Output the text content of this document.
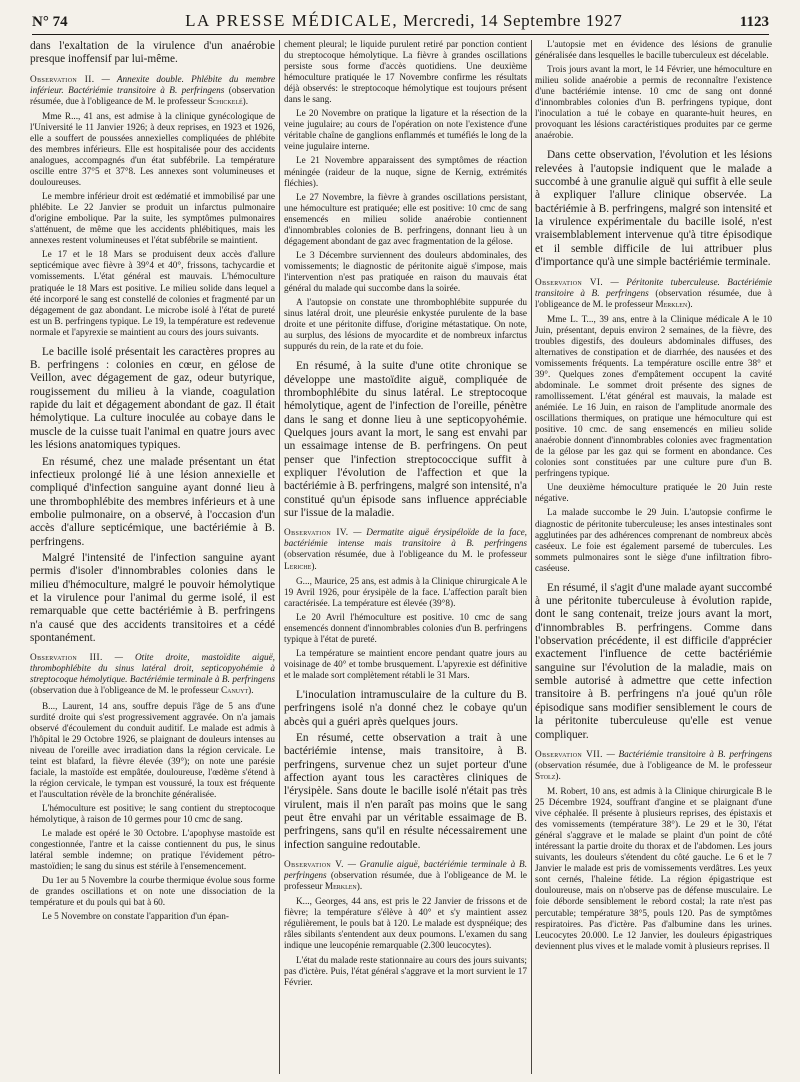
N° 74	LA PRESSE MÉDICALE, Mercredi, 14 Septembre 1927	1123

dans l'exaltation de la virulence d'un anaérobie presque inoffensif par lui-même.

Observation II. — Annexite double. Phlébite du membre inférieur. Bactériémie transitoire à B. perfringens (observation résumée, due à l'obligeance de M. le professeur Schickelé).

Mme R..., 41 ans, est admise à la clinique gynécologique de l'Université le 11 Janvier 1926; à deux reprises, en 1923 et 1926, elle a souffert de poussées annexielles compliquées de phlébite des membres inférieurs. Elle est hospitalisée pour des accidents analogues, accompagnés d'un état subfébrile. La température oscille entre 37°5 et 37°8. Les annexes sont volumineuses et douloureuses.

Le membre inférieur droit est œdématié et immobilisé par une phlébite. Le 22 Janvier se produit un infarctus pulmonaire d'origine embolique. Par la suite, les symptômes pulmonaires s'atténuent, de même que les accidents phlébitiques, mais les annexes restent volumineuses et l'état subfébrile se maintient.

Le 17 et le 18 Mars se produisent deux accès d'allure septicémique avec fièvre à 39°4 et 40°, frissons, tachycardie et vomissements. L'état général est mauvais. L'hémoculture pratiquée le 18 Mars est positive. Le milieu solide dans lequel a été incorporé le sang est constellé de colonies et fragmenté par un dégagement de gaz abondant. Le microbe isolé à l'état de pureté est un B. perfringens typique. Le 19, la température est redevenue normale et l'apyrexie se maintient au cours des jours suivants.

Le bacille isolé présentait les caractères propres au B. perfringens : colonies en cœur, en gélose de Veillon, avec dégagement de gaz, odeur butyrique, rougissement du milieu à la viande, coagulation rapide du lait et dégagement abondant de gaz. Il était hémolytique. La culture inoculée au cobaye dans le muscle de la cuisse tuait l'animal en quatre jours avec les lésions anatomiques typiques.

En résumé, chez une malade présentant un état infectieux prolongé lié à une lésion annexielle et compliqué d'infection sanguine ayant donné lieu à une thrombophlébite des membres inférieurs et à une embolie pulmonaire, on a observé, à l'occasion d'un accès d'allure septicémique, une bactériémie à B. perfringens.

Malgré l'intensité de l'infection sanguine ayant permis d'isoler d'innombrables colonies dans le milieu d'hémoculture, malgré le pouvoir hémolytique et la virulence pour l'animal du germe isolé, il est remarquable que cette bactériémie à B. perfringens n'a causé que des accidents transitoires et a cédé spontanément.

Observation III. — Otite droite, mastoïdite aiguë, thrombophlébite du sinus latéral droit, septicopyohémie à streptocoque hémolytique. Bactériémie terminale à B. perfringens (observation due à l'obligeance de M. le professeur Canuyt).

B..., Laurent, 14 ans, souffre depuis l'âge de 5 ans d'une surdité droite qui s'est progressivement aggravée. On n'a jamais observé d'écoulement du conduit auditif. Le malade est admis à l'hôpital le 29 Octobre 1926, se plaignant de douleurs intenses au niveau de l'oreille avec irradiation dans la région cervicale. Le teint est blafard, la fièvre élevée (39°); on note une parésie faciale, la mastoïde est empâtée, douloureuse, l'œdème s'étend à la région cervicale, le tympan est voussuré, la toux est fréquente et l'auscultation révèle de la bronchite généralisée.

L'hémoculture est positive; le sang contient du streptocoque hémolytique, à raison de 10 germes pour 10 cmc de sang.

Le malade est opéré le 30 Octobre. L'apophyse mastoïde est congestionnée, l'antre et la caisse contiennent du pus, le sinus latéral semble indemne; on pratique l'évidement pétro-mastoïdien; le sang du sinus est stérile à l'ensemencement.

Du 1er au 5 Novembre la courbe thermique évolue sous forme de grandes oscillations et on note une dissociation de la température et du pouls qui bat à 60.

Le 5 Novembre on constate l'apparition d'un épan-

chement pleural; le liquide purulent retiré par ponction contient du streptocoque hémolytique. La fièvre à grandes oscillations persiste sous forme d'accès quotidiens. Une deuxième hémoculture pratiquée le 17 Novembre confirme les résultats déjà observés: le streptocoque hémolytique est toujours présent dans le sang.

Le 20 Novembre on pratique la ligature et la résection de la veine jugulaire; au cours de l'opération on note l'existence d'une véritable chaîne de ganglions enflammés et tuméfiés le long de la veine jugulaire interne.

Le 21 Novembre apparaissent des symptômes de réaction méningée (raideur de la nuque, signe de Kernig, extrémités fléchies).

Le 27 Novembre, la fièvre à grandes oscillations persistant, une hémoculture est pratiquée; elle est positive: 10 cmc de sang ensemencés en milieu solide anaérobie contiennent d'innombrables colonies de B. perfringens, donnant lieu à un dégagement abondant de gaz avec fragmentation de la gélose.

Le 3 Décembre surviennent des douleurs abdominales, des vomissements; le diagnostic de péritonite aiguë s'impose, mais l'intervention n'est pas pratiquée en raison du mauvais état général du malade qui succombe dans la soirée.

A l'autopsie on constate une thrombophlébite suppurée du sinus latéral droit, une pleurésie enkystée purulente de la base droite et une péritonite diffuse, d'origine métastatique. On note, au surplus, des lésions de myocardite et de nombreux infarctus suppurés du rein, de la rate et du foie.

En résumé, à la suite d'une otite chronique se développe une mastoïdite aiguë, compliquée de thrombophlébite du sinus latéral. Le streptocoque hémolytique, agent de l'infection de l'oreille, pénètre dans le sang et donne lieu à une septicopyohémie. Quelques jours avant la mort, le sang est envahi par un essaimage intense de B. perfringens. On peut penser que l'infection streptococcique suffit à expliquer l'évolution de l'affection et que la bactériémie à B. perfringens, malgré son intensité, n'a constitué qu'un épisode sans influence appréciable sur l'issue de la maladie.

Observation IV. — Dermatite aiguë érysipéloïde de la face, bactériémie intense mais transitoire à B. perfringens (observation résumée, due à l'obligeance du M. le professeur Leriche).

G..., Maurice, 25 ans, est admis à la Clinique chirurgicale A le 19 Avril 1926, pour érysipèle de la face. L'affection paraît bien caractérisée. La température est élevée (39°8).

Le 20 Avril l'hémoculture est positive. 10 cmc de sang ensemencés donnent d'innombrables colonies d'un B. perfringens typique à l'état de pureté.

La température se maintient encore pendant quatre jours au voisinage de 40° et tombe brusquement. L'apyrexie est définitive et le malade sort complètement rétabli le 31 Mars.

L'inoculation intramusculaire de la culture du B. perfringens isolé n'a donné chez le cobaye qu'un abcès qui a guéri après quelques jours.

En résumé, cette observation a trait à une bactériémie intense, mais transitoire, à B. perfringens, survenue chez un sujet porteur d'une affection ayant tous les caractères cliniques de l'érysipèle. Sans doute le bacille isolé n'était pas très virulent, mais il n'en paraît pas moins que le sang peut être envahi par un véritable essaimage de B. perfringens, sans qu'il en résulte nécessairement une infection sanguine redoutable.

Observation V. — Granulie aiguë, bactériémie terminale à B. perfringens (observation résumée, due à l'obligeance de M. le professeur Merklen).

K..., Georges, 44 ans, est pris le 22 Janvier de frissons et de fièvre; la température s'élève à 40° et s'y maintient assez régulièrement, le pouls bat à 120. Le malade est dyspnéique; des râles sibilants s'entendent aux deux poumons. L'examen du sang indique une leucopénie remarquable (2.300 leucocytes).

L'état du malade reste stationnaire au cours des jours suivants; pas d'ictère. Puis, l'état général s'aggrave et la mort survient le 17 Février.

L'autopsie met en évidence des lésions de granulie généralisée dans lesquelles le bacille tuberculeux est décelable.

Trois jours avant la mort, le 14 Février, une hémoculture en milieu solide anaérobie a permis de reconnaître l'existence d'une bactériémie intense. 10 cmc de sang ont donné d'innombrables colonies d'un B. perfringens typique, dont l'inoculation a tué le cobaye en quarante-huit heures, en provoquant les lésions caractéristiques produites par ce germe anaérobie.

Dans cette observation, l'évolution et les lésions relevées à l'autopsie indiquent que le malade a succombé à une granulie aiguë qui suffit à elle seule à expliquer l'allure clinique observée. La bactériémie à B. perfringens, malgré son intensité et la virulence expérimentale du bacille isolé, n'est vraisemblablement intervenue qu'à titre épisodique et il semble difficile de lui attribuer plus d'importance qu'à une simple bactériémie terminale.

Observation VI. — Péritonite tuberculeuse. Bactériémie transitoire à B. perfringens (observation résumée, due à l'obligeance de M. le professeur Merklen).

Mme L. T..., 39 ans, entre à la Clinique médicale A le 10 Juin, présentant, depuis environ 2 semaines, de la fièvre, des troubles digestifs, des douleurs abdominales diffuses, des alternatives de constipation et de diarrhée, des nausées et des vomissements fréquents. La température oscille entre 38° et 39°. Quelques zones d'empâtement occupent la cavité abdominale. Le sommet droit présente des signes de ramollissement. L'état général est mauvais, la malade est anémiée. Le 16 Juin, en raison de l'amplitude anormale des oscillations thermiques, on pratique une hémoculture qui est positive. 10 cmc. de sang ensemencés en milieu solide anaérobie donnent d'innombrables colonies avec fragmentation de la gélose par les gaz qui se forment en abondance. Ces colonies sont constituées par une culture pure d'un B. perfringens typique.

Une deuxième hémoculture pratiquée le 20 Juin reste négative.

La malade succombe le 29 Juin. L'autopsie confirme le diagnostic de péritonite tuberculeuse; les anses intestinales sont agglutinées par des adhérences comprenant de nombreux abcès caséeux. Le foie est également parsemé de tubercules. Les sommets pulmonaires sont le siège d'une infiltration fibro-caséeuse.

En résumé, il s'agit d'une malade ayant succombé à une péritonite tuberculeuse à évolution rapide, dont le sang contenait, treize jours avant la mort, d'innombrables B. perfringens. Comme dans l'observation précédente, il est difficile d'apprécier exactement l'influence de cette bactériémie sanguine sur l'évolution de la maladie, mais on semble autorisé à admettre que cette infection transitoire à B. perfringens n'a joué qu'un rôle épisodique sans modifier sensiblement le cours de la péritonite tuberculeuse qu'elle est venue compliquer.

Observation VII. — Bactériémie transitoire à B. perfringens (observation résumée, due à l'obligeance de M. le professeur Stolz).

M. Robert, 10 ans, est admis à la Clinique chirurgicale B le 25 Décembre 1924, souffrant d'angine et se plaignant d'une vive céphalée. Il présente à plusieurs reprises, des épistaxis et des vomissements (température 38°). Le 29 et le 30, l'état général s'aggrave et le malade se plaint d'un point de côté intéressant la partie droite du thorax et de l'abdomen. Les jours suivants, les douleurs s'étendent du côté gauche. Le 6 et le 7 Janvier le malade est pris de vomissements verdâtres. Les yeux sont cernés, l'haleine fétide. La région épigastrique est douloureuse, mais on n'observe pas de défense musculaire. Le foie déborde sensiblement le rebord costal; la rate n'est pas percutable; température 38°5, pouls 120. Pas de symptômes respiratoires. Pas d'ictère. Pas d'albumine dans les urines. Leucocytes 20.000. Le 12 Janvier, les douleurs épigastriques deviennent plus vives et le malade vomit à plusieurs reprises. Il
